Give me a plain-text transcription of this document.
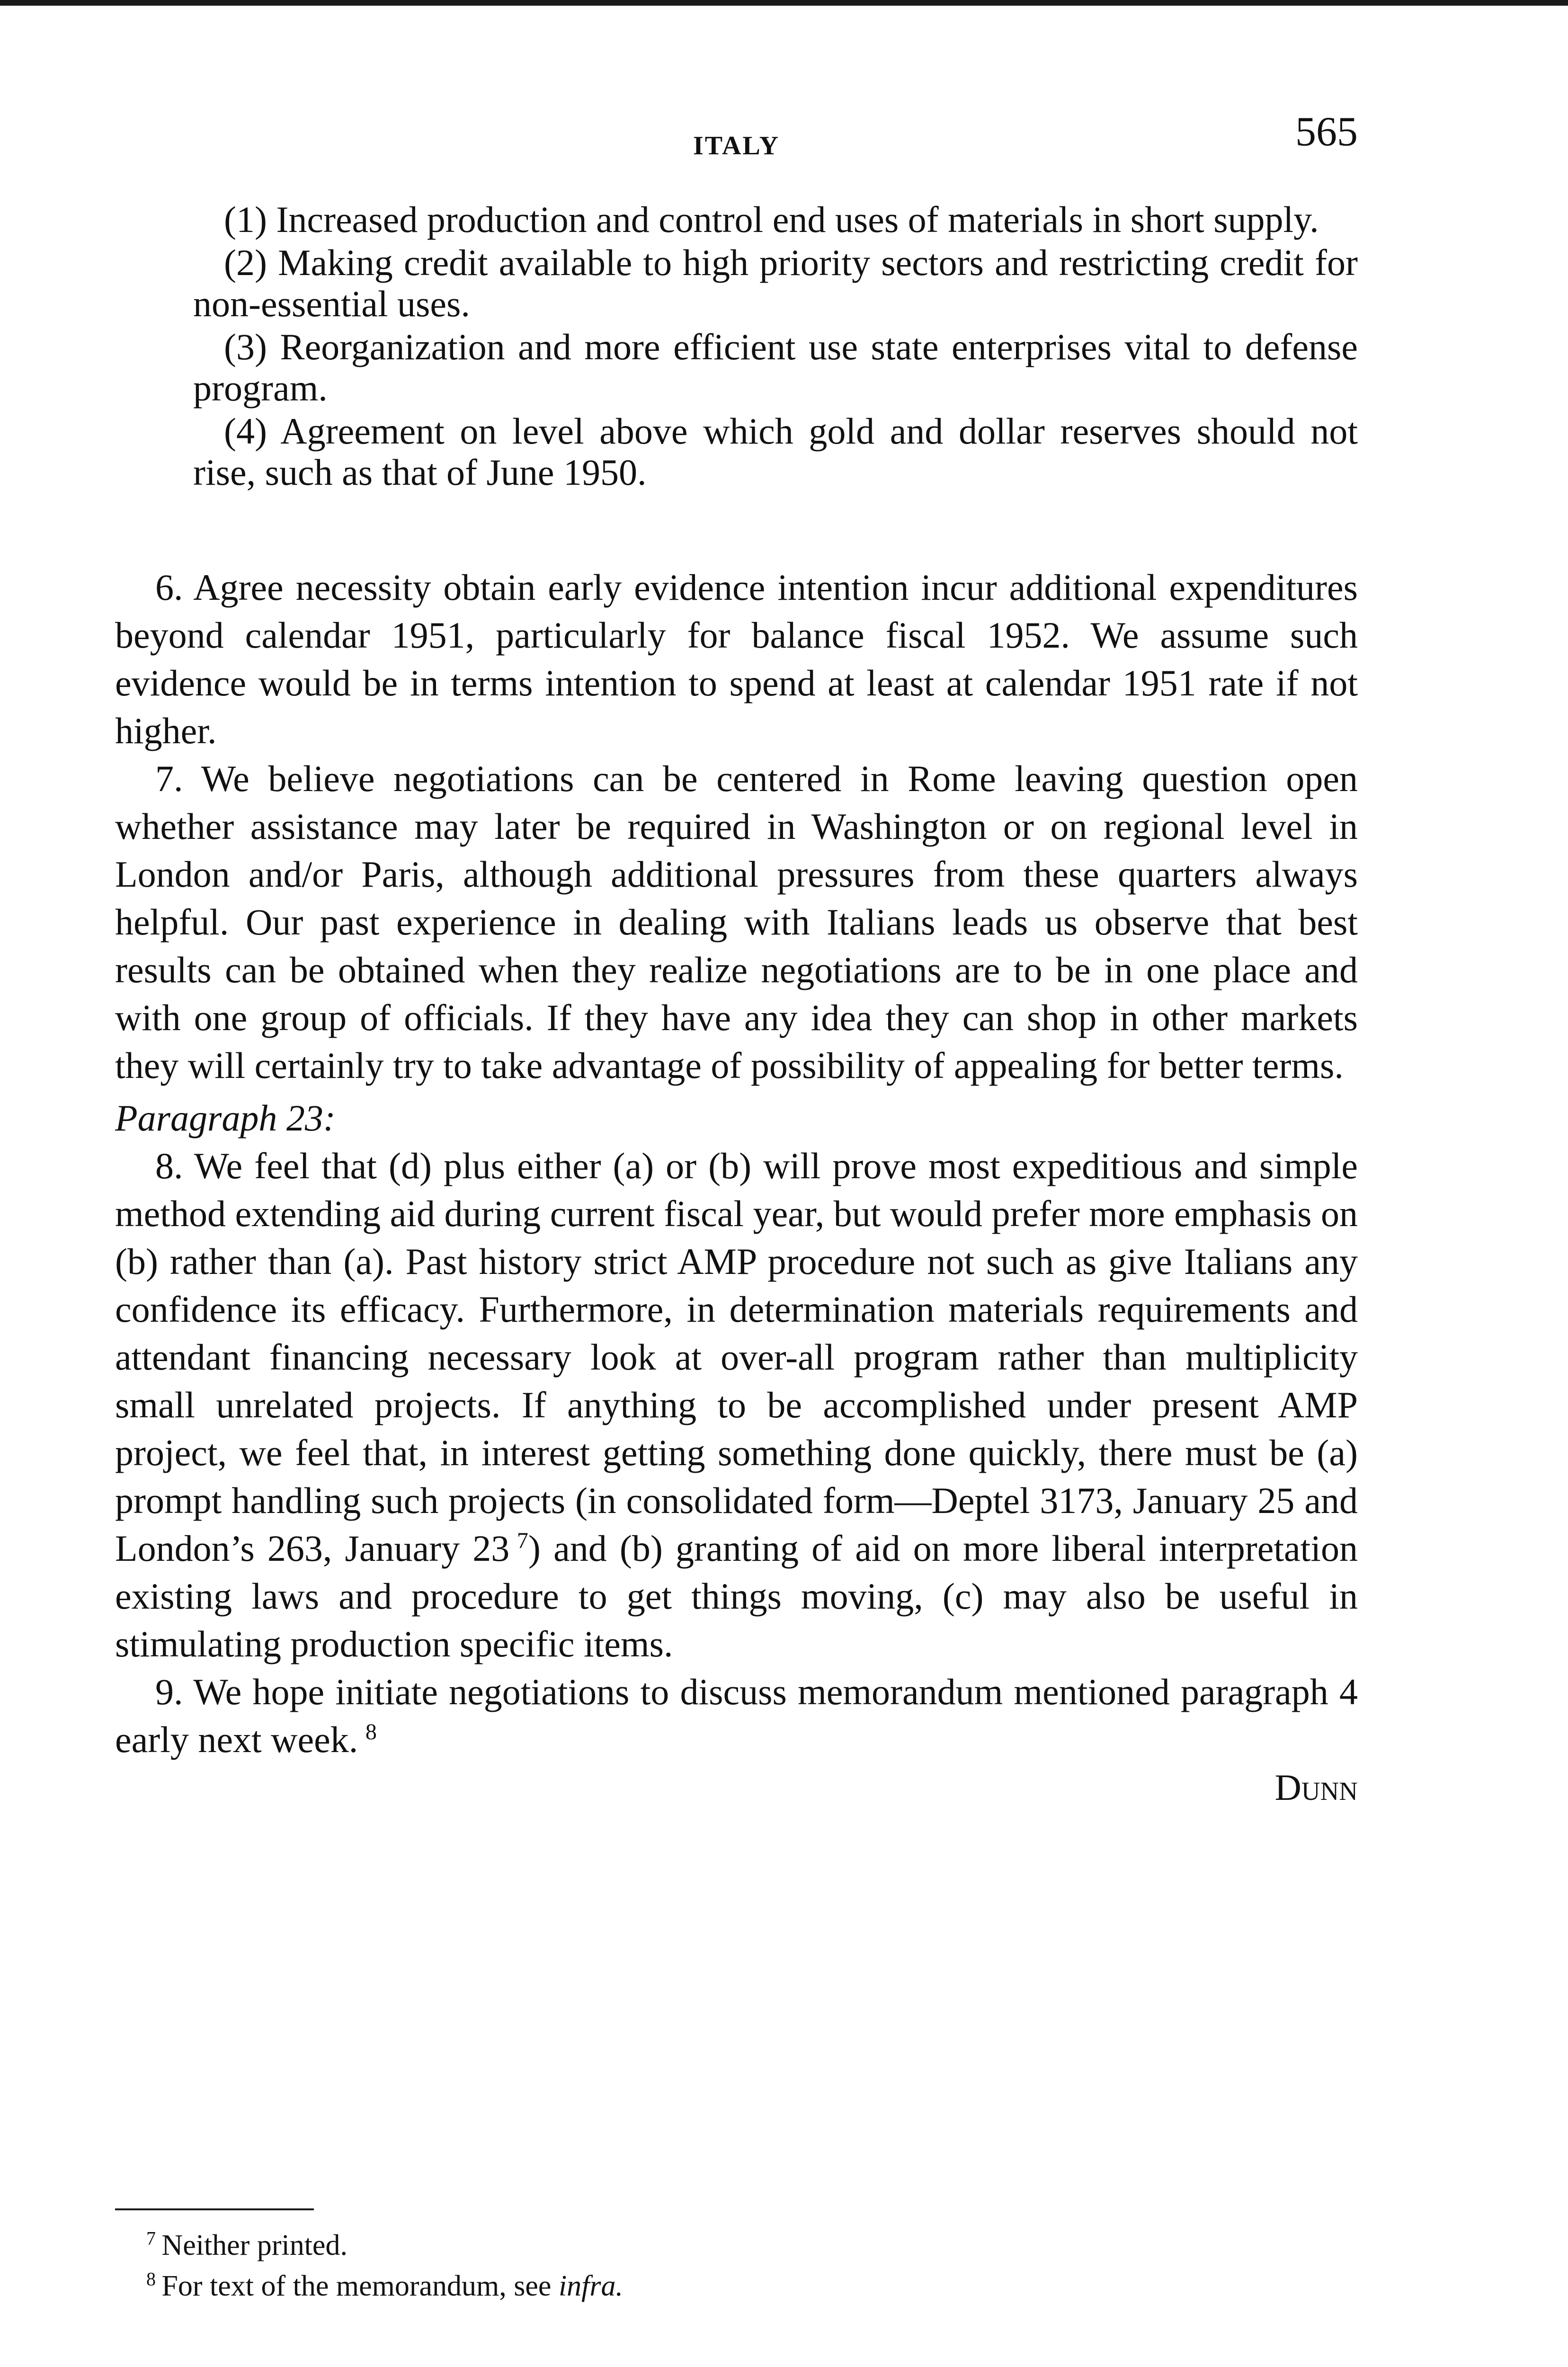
ITALY	565

(1) Increased production and control end uses of materials in short supply.

(2) Making credit available to high priority sectors and restricting credit for non-essential uses.

(3) Reorganization and more efficient use state enterprises vital to defense program.

(4) Agreement on level above which gold and dollar reserves should not rise, such as that of June 1950.

6. Agree necessity obtain early evidence intention incur additional expenditures beyond calendar 1951, particularly for balance fiscal 1952. We assume such evidence would be in terms intention to spend at least at calendar 1951 rate if not higher.

7. We believe negotiations can be centered in Rome leaving question open whether assistance may later be required in Washington or on regional level in London and/or Paris, although additional pressures from these quarters always helpful. Our past experience in dealing with Italians leads us observe that best results can be obtained when they realize negotiations are to be in one place and with one group of officials. If they have any idea they can shop in other markets they will certainly try to take advantage of possibility of appealing for better terms.

Paragraph 23:

8. We feel that (d) plus either (a) or (b) will prove most expeditious and simple method extending aid during current fiscal year, but would prefer more emphasis on (b) rather than (a). Past history strict AMP procedure not such as give Italians any confidence its efficacy. Furthermore, in determination materials requirements and attendant financing necessary look at over-all program rather than multiplicity small unrelated projects. If anything to be accomplished under present AMP project, we feel that, in interest getting something done quickly, there must be (a) prompt handling such projects (in consolidated form—Deptel 3173, January 25 and London’s 263, January 23  $^7$) and (b) granting of aid on more liberal interpretation existing laws and procedure to get things moving, (c) may also be useful in stimulating production specific items.

9. We hope initiate negotiations to discuss memorandum mentioned paragraph 4 early next week.  $^8$

Dunn

$^7$  Neither printed.

$^8$  For text of the memorandum, see infra.
